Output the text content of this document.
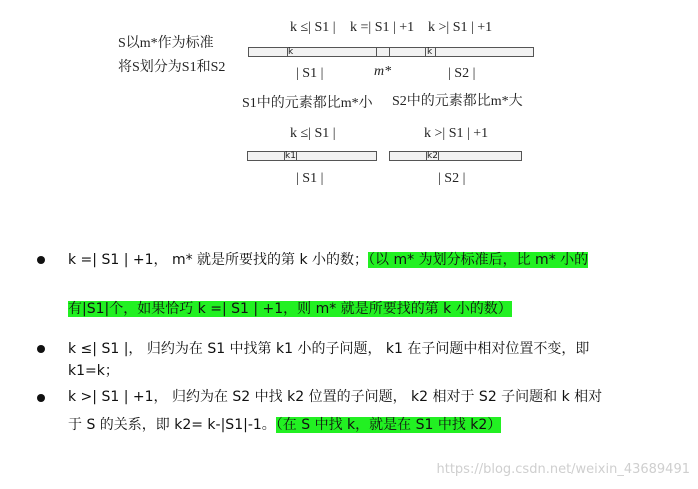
S以m*作为标准
将S划分为S1和S2
k ≤| S1 | k =| S1 | +1 k >| S1 | +1
k	k
| S1 |	m*	| S2 |
S1中的元素都比m*小 S2中的元素都比m*大
k ≤| S1 |	k >| S1 | +1
k1	k2
| S1 |	| S2 |
k =| S1 | +1， m* 就是所要找的第 k 小的数；（以 m* 为划分标准后，比 m* 小的
有|S1|个，如果恰巧 k =| S1 | +1，则 m* 就是所要找的第 k 小的数）
k ≤| S1 |， 归约为在 S1 中找第 k1 小的子问题， k1 在子问题中相对位置不变，即
k1=k；
k >| S1 | +1， 归约为在 S2 中找 k2 位置的子问题， k2 相对于 S2 子问题和 k 相对
于 S 的关系，即 k2= k-|S1|-1。（在 S 中找 k，就是在 S1 中找 k2）
https://blog.csdn.net/weixin_43689491
